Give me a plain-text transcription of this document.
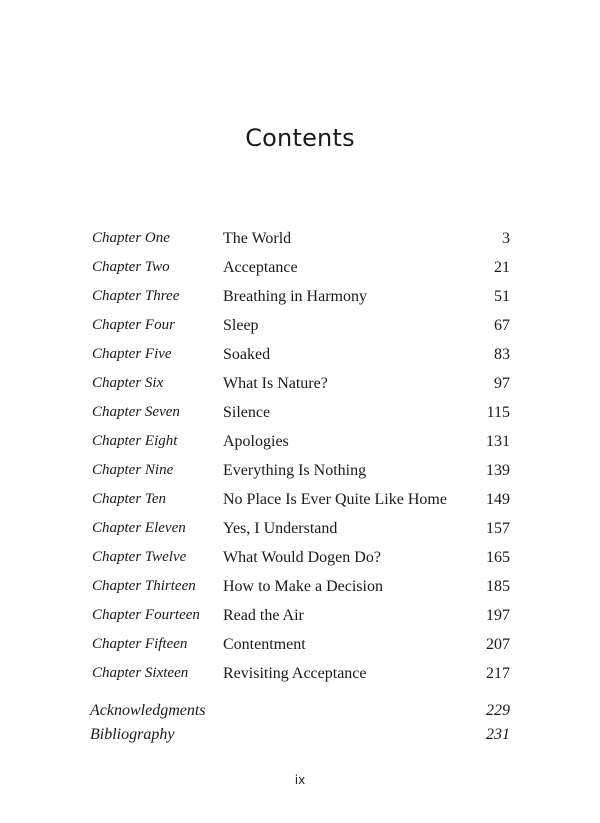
Contents
Chapter One	The World	3
Chapter Two	Acceptance	21
Chapter Three	Breathing in Harmony	51
Chapter Four	Sleep	67
Chapter Five	Soaked	83
Chapter Six	What Is Nature?	97
Chapter Seven	Silence	115
Chapter Eight	Apologies	131
Chapter Nine	Everything Is Nothing	139
Chapter Ten	No Place Is Ever Quite Like Home	149
Chapter Eleven	Yes, I Understand	157
Chapter Twelve	What Would Dogen Do?	165
Chapter Thirteen	How to Make a Decision	185
Chapter Fourteen	Read the Air	197
Chapter Fifteen	Contentment	207
Chapter Sixteen	Revisiting Acceptance	217
Acknowledgments	229
Bibliography	231
ix
